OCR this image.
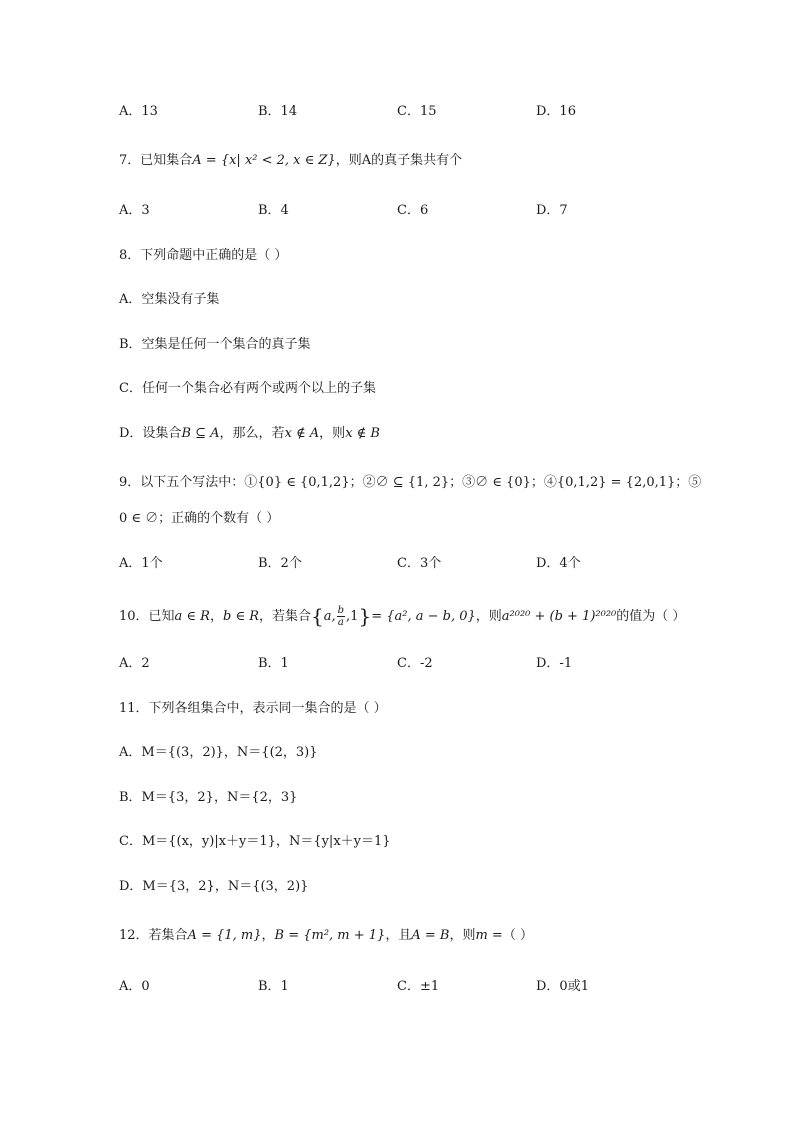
A．13	B．14	C．15	D．16
7．已知集合A = {x| x² < 2, x ∈ Z}，则A的真子集共有个
A．3	B．4	C．6	D．7
8．下列命题中正确的是（ ）
A．空集没有子集
B．空集是任何一个集合的真子集
C．任何一个集合必有两个或两个以上的子集
D．设集合B ⊆ A，那么，若x ∉ A，则x ∉ B
9．以下五个写法中：①{0} ∈ {0,1,2}；②∅ ⊆ {1, 2}；③∅ ∈ {0}；④{0,1,2} = {2,0,1}；⑤
0 ∈ ∅；正确的个数有（ ）
A．1个	B．2个	C．3个	D．4个
10．已知a ∈ R，b ∈ R，若集合{a, $\frac{b}{a} ,1\}= \{a^2$, a − b, 0}，则a²⁰²⁰ + (b + 1)²⁰²⁰的值为（ ）
A．2	B．1	C．-2	D．-1
11．下列各组集合中，表示同一集合的是（ ）
A．M＝{(3，2)}，N＝{(2，3)}
B．M＝{3，2}，N＝{2，3}
C．M＝{(x，y)|x＋y＝1}，N＝{y|x＋y＝1}
D．M＝{3，2}，N＝{(3，2)}
12．若集合A = {1, m}，B = {m², m + 1}，且A = B，则m =（ ）
A．0	B．1	C．±1	D．0或1
